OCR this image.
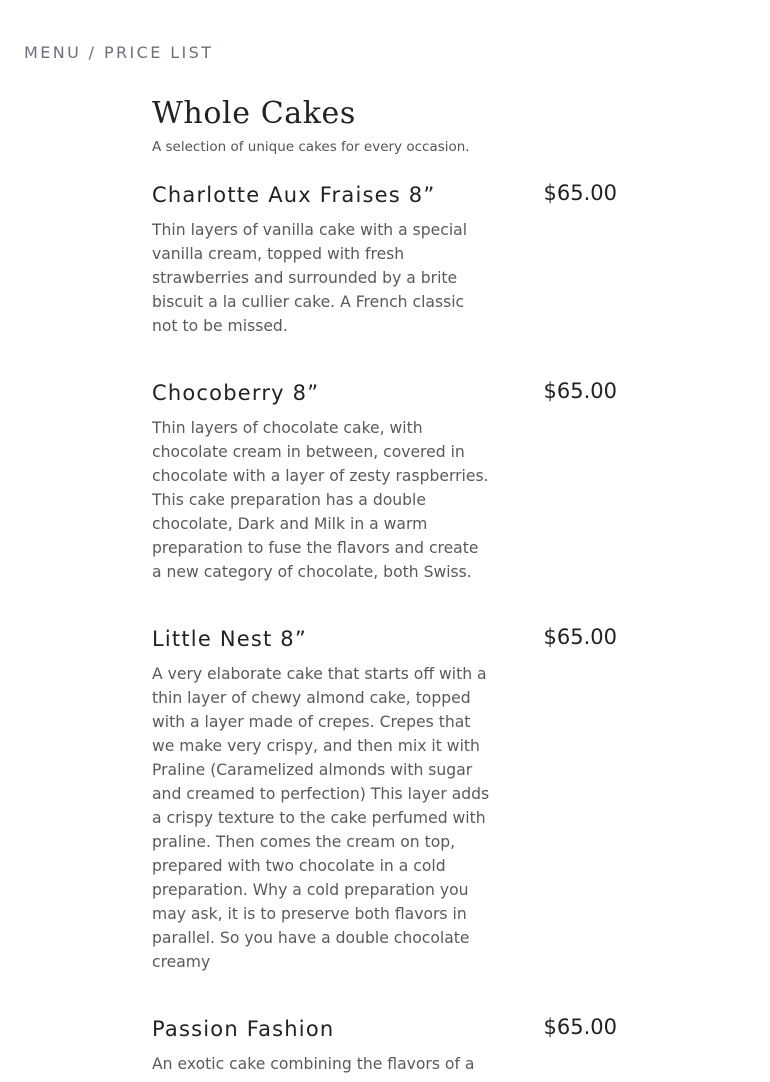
MENU / PRICE LIST
Whole Cakes

A selection of unique cakes for every occasion.

Charlotte Aux Fraises 8”	$65.00

Thin layers of vanilla cake with a special vanilla cream, topped with fresh strawberries and surrounded by a brite biscuit a la cullier cake. A French classic not to be missed.

Chocoberry 8”	$65.00

Thin layers of chocolate cake, with chocolate cream in between, covered in chocolate with a layer of zesty raspberries. This cake preparation has a double chocolate, Dark and Milk in a warm preparation to fuse the flavors and create a new category of chocolate, both Swiss.

Little Nest 8”	$65.00

A very elaborate cake that starts off with a thin layer of chewy almond cake, topped with a layer made of crepes. Crepes that we make very crispy, and then mix it with Praline (Caramelized almonds with sugar and creamed to perfection) This layer adds a crispy texture to the cake perfumed with praline. Then comes the cream on top, prepared with two chocolate in a cold preparation. Why a cold preparation you may ask, it is to preserve both flavors in parallel. So you have a double chocolate creamy

Passion Fashion	$65.00

An exotic cake combining the flavors of a
